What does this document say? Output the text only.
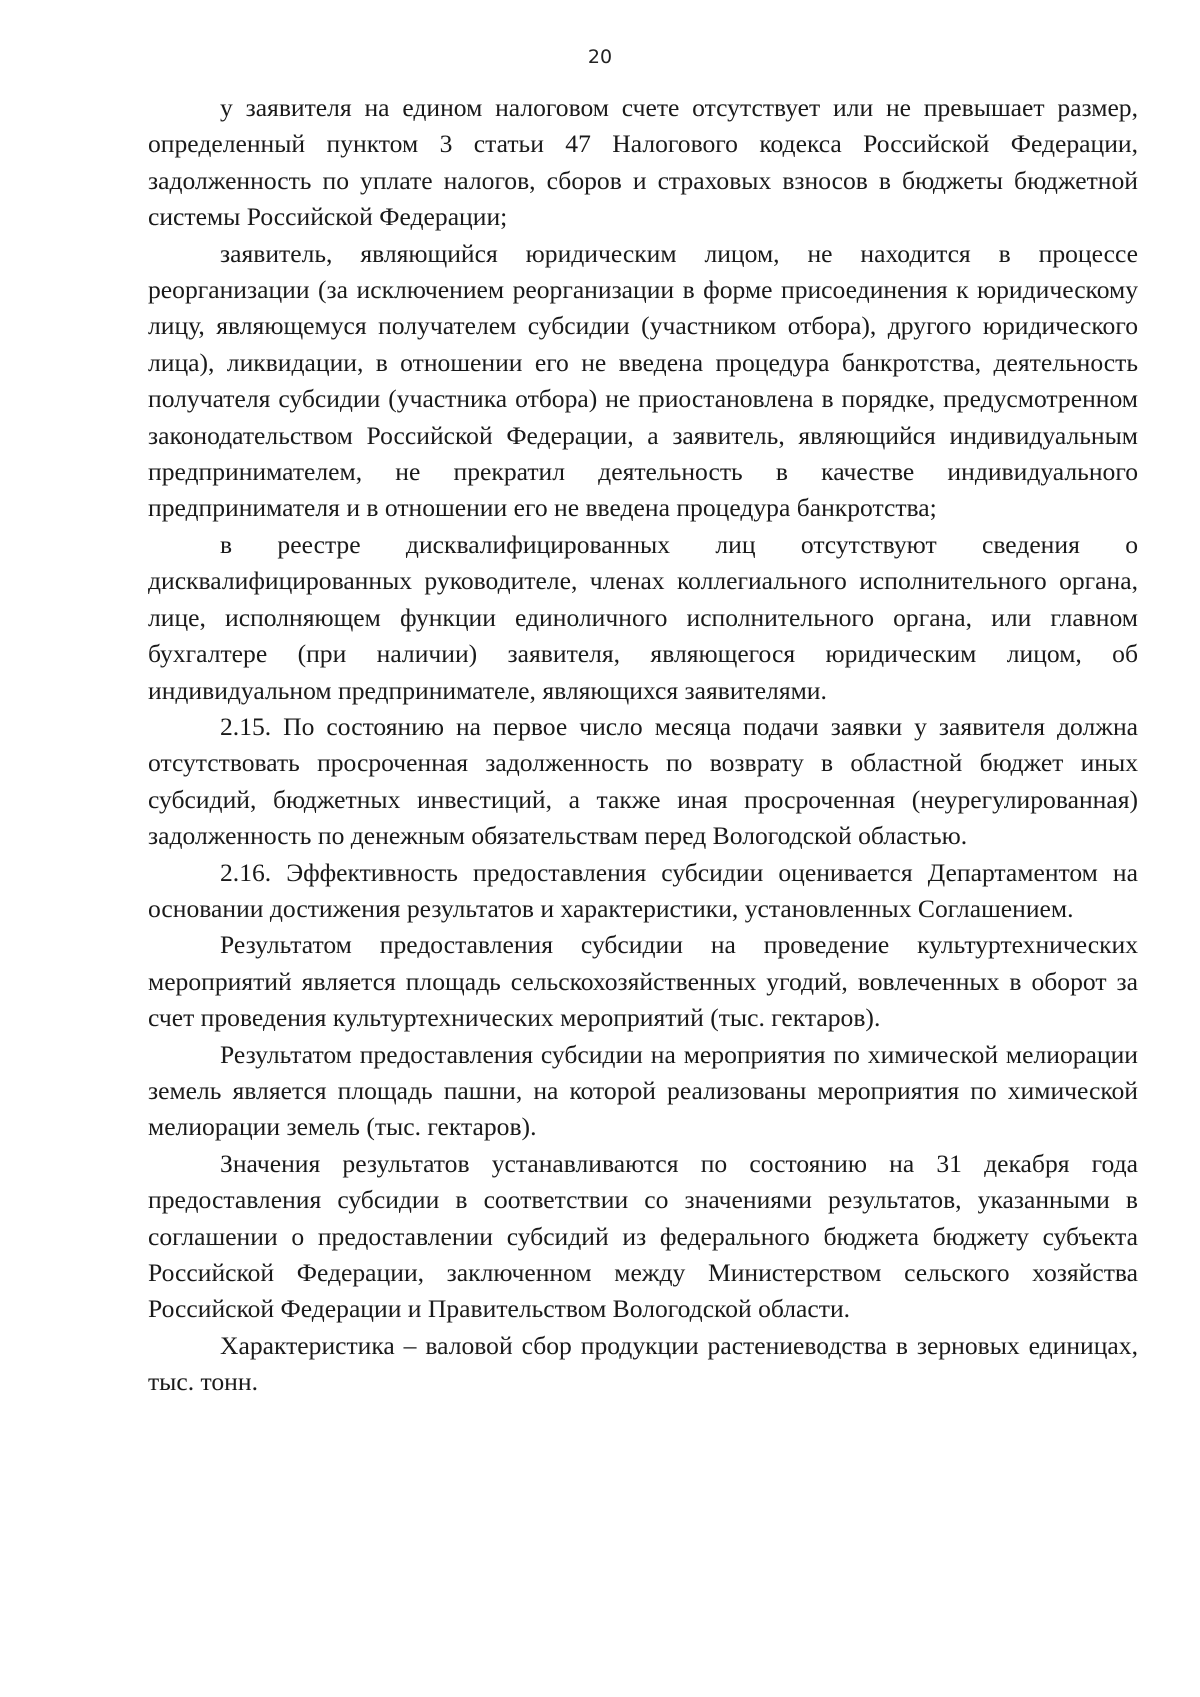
20

у заявителя на едином налоговом счете отсутствует или не превышает размер, определенный пунктом 3 статьи 47 Налогового кодекса Российской Федерации, задолженность по уплате налогов, сборов и страховых взносов в бюджеты бюджетной системы Российской Федерации;

заявитель, являющийся юридическим лицом, не находится в процессе реорганизации (за исключением реорганизации в форме присоединения к юридическому лицу, являющемуся получателем субсидии (участником отбора), другого юридического лица), ликвидации, в отношении его не введена процедура банкротства, деятельность получателя субсидии (участника отбора) не приостановлена в порядке, предусмотренном законодательством Российской Федерации, а заявитель, являющийся индивидуальным предпринимателем, не прекратил деятельность в качестве индивидуального предпринимателя и в отношении его не введена процедура банкротства;

в реестре дисквалифицированных лиц отсутствуют сведения о дисквалифицированных руководителе, членах коллегиального исполнительного органа, лице, исполняющем функции единоличного исполнительного органа, или главном бухгалтере (при наличии) заявителя, являющегося юридическим лицом, об индивидуальном предпринимателе, являющихся заявителями.

2.15. По состоянию на первое число месяца подачи заявки у заявителя должна отсутствовать просроченная задолженность по возврату в областной бюджет иных субсидий, бюджетных инвестиций, а также иная просроченная (неурегулированная) задолженность по денежным обязательствам перед Вологодской областью.

2.16. Эффективность предоставления субсидии оценивается Департаментом на основании достижения результатов и характеристики, установленных Соглашением.

Результатом предоставления субсидии на проведение культуртехнических мероприятий является площадь сельскохозяйственных угодий, вовлеченных в оборот за счет проведения культуртехнических мероприятий (тыс. гектаров).

Результатом предоставления субсидии на мероприятия по химической мелиорации земель является площадь пашни, на которой реализованы мероприятия по химической мелиорации земель (тыс. гектаров).

Значения результатов устанавливаются по состоянию на 31 декабря года предоставления субсидии в соответствии со значениями результатов, указанными в соглашении о предоставлении субсидий из федерального бюджета бюджету субъекта Российской Федерации, заключенном между Министерством сельского хозяйства Российской Федерации и Правительством Вологодской области.

Характеристика – валовой сбор продукции растениеводства в зерновых единицах, тыс. тонн.
